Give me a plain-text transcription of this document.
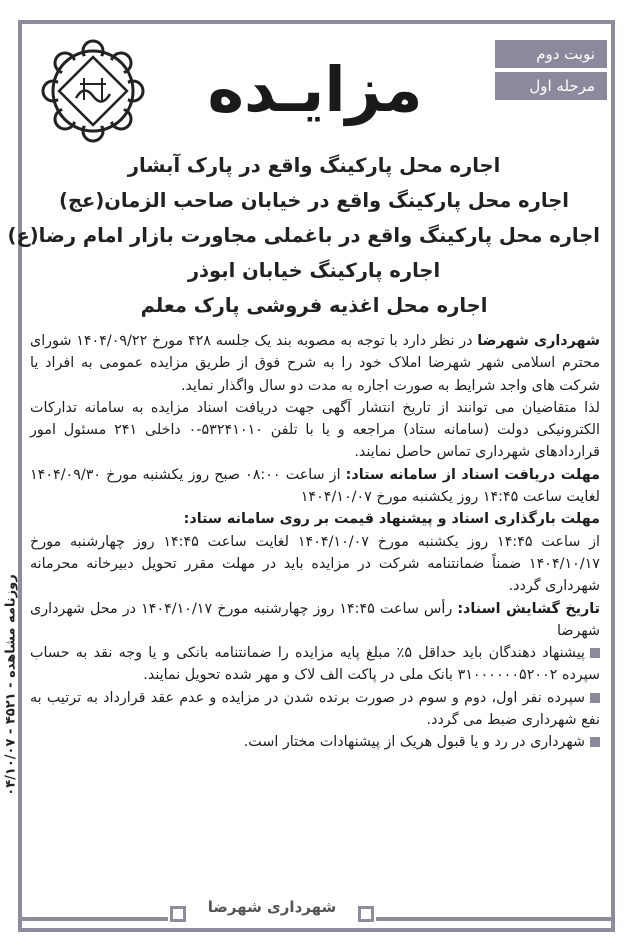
نوبت دوم
مرحله اول
مزایـده
اجاره محل پارکینگ واقع در پارک آبشار
اجاره محل پارکینگ واقع در خیابان صاحب الزمان(عج)
اجاره محل پارکینگ واقع در باغملی مجاورت بازار امام رضا(ع)
اجاره پارکینگ خیابان ابوذر
اجاره محل اغذیه فروشی پارک معلم

شهرداری شهرضا در نظر دارد با توجه به مصوبه بند یک جلسه ۴۲۸ مورخ ۱۴۰۴/۰۹/۲۲ شورای محترم اسلامی شهر شهرضا املاک خود را به شرح فوق از طریق مزایده عمومی به افراد یا شرکت های واجد شرایط به صورت اجاره به مدت دو سال واگذار نماید.

لذا متقاضیان می توانند از تاریخ انتشار آگهی جهت دریافت اسناد مزایده به سامانه تدارکات الکترونیکی دولت (سامانه ستاد) مراجعه و یا با تلفن ۵۳۲۴۱۰۱۰-۰ داخلی ۲۴۱ مسئول امور قراردادهای شهرداری تماس حاصل نمایند.

مهلت دریافت اسناد از سامانه ستاد: از ساعت ۰۸:۰۰ صبح روز یکشنبه مورخ ۱۴۰۴/۰۹/۳۰ لغایت ساعت ۱۴:۴۵ روز یکشنبه مورخ ۱۴۰۴/۱۰/۰۷

مهلت بارگذاری اسناد و پیشنهاد قیمت بر روی سامانه ستاد:

از ساعت ۱۴:۴۵ روز یکشنبه مورخ ۱۴۰۴/۱۰/۰۷ لغایت ساعت ۱۴:۴۵ روز چهارشنبه مورخ ۱۴۰۴/۱۰/۱۷ ضمناً ضمانتنامه شرکت در مزایده باید در مهلت مقرر تحویل دبیرخانه محرمانه شهرداری گردد.

تاریخ گشایش اسناد: رأس ساعت ۱۴:۴۵ روز چهارشنبه مورخ ۱۴۰۴/۱۰/۱۷ در محل شهرداری شهرضا

پیشنهاد دهندگان باید حداقل ۵٪ مبلغ پایه مزایده را ضمانتنامه بانکی و یا وجه نقد به حساب سپرده ۳۱۰۰۰۰۰۰۵۲۰۰۲ بانک ملی در پاکت الف لاک و مهر شده تحویل نمایند.

سپرده نفر اول، دوم و سوم در صورت برنده شدن در مزایده و عدم عقد قرارداد به ترتیب به نفع شهرداری ضبط می گردد.

شهرداری در رد و یا قبول هریک از پیشنهادات مختار است.

روزنامه مشاهده - ۴۵۲۱ - ۰۴/۱۰/۰۷
شهرداری شهرضا
